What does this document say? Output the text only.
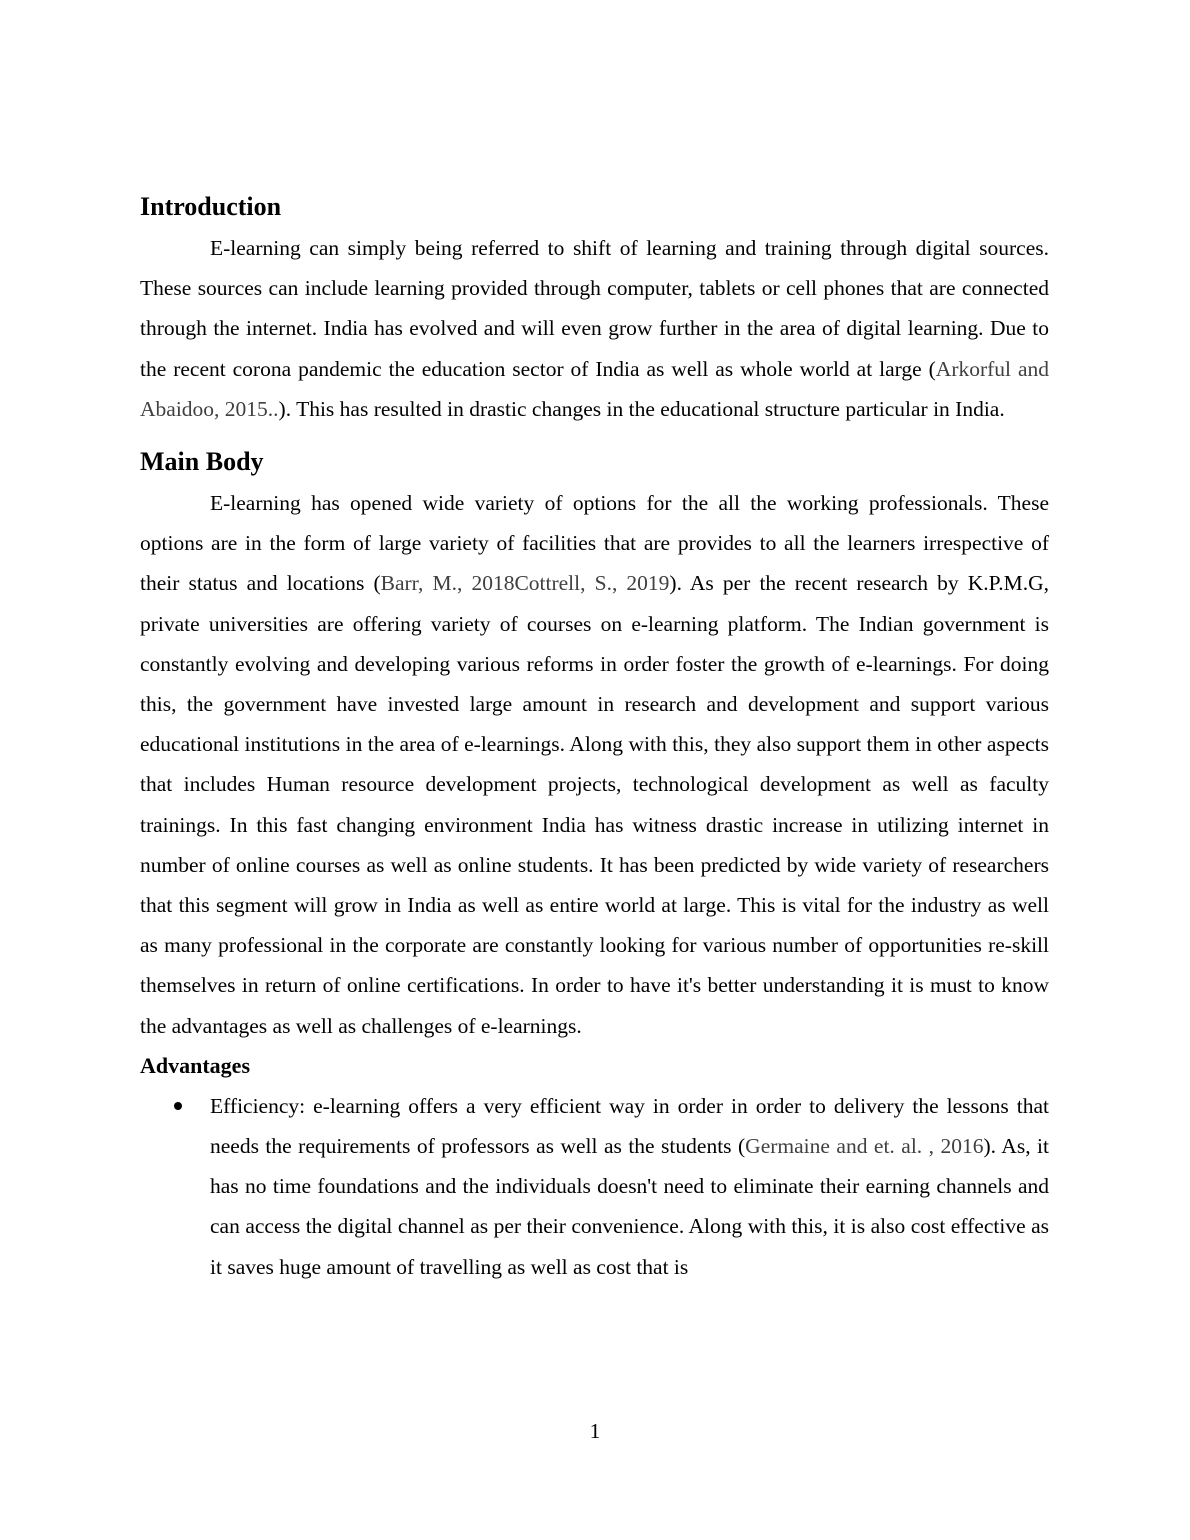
Introduction

E-learning can simply being referred to shift of learning and training through digital sources. These sources can include learning provided through computer, tablets or cell phones that are connected through the internet. India has evolved and will even grow further in the area of digital learning. Due to the recent corona pandemic the education sector of India as well as whole world at large (Arkorful and Abaidoo, 2015..). This has resulted in drastic changes in the educational structure particular in India.

Main Body

E-learning has opened wide variety of options for the all the working professionals. These options are in the form of large variety of facilities that are provides to all the learners irrespective of their status and locations (Barr, M., 2018Cottrell, S., 2019). As per the recent research by K.P.M.G, private universities are offering variety of courses on e-learning platform. The Indian government is constantly evolving and developing various reforms in order foster the growth of e-learnings. For doing this, the government have invested large amount in research and development and support various educational institutions in the area of e-learnings. Along with this, they also support them in other aspects that includes Human resource development projects, technological development as well as faculty trainings. In this fast changing environment India has witness drastic increase in utilizing internet in number of online courses as well as online students. It has been predicted by wide variety of researchers that this segment will grow in India as well as entire world at large. This is vital for the industry as well as many professional in the corporate are constantly looking for various number of opportunities re-skill themselves in return of online certifications. In order to have it's better understanding it is must to know the advantages as well as challenges of e-learnings.

Advantages
Efficiency: e-learning offers a very efficient way in order in order to delivery the lessons that needs the requirements of professors as well as the students (Germaine and et. al. , 2016). As, it has no time foundations and the individuals doesn't need to eliminate their earning channels and can access the digital channel as per their convenience. Along with this, it is also cost effective as it saves huge amount of travelling as well as cost that is
1
